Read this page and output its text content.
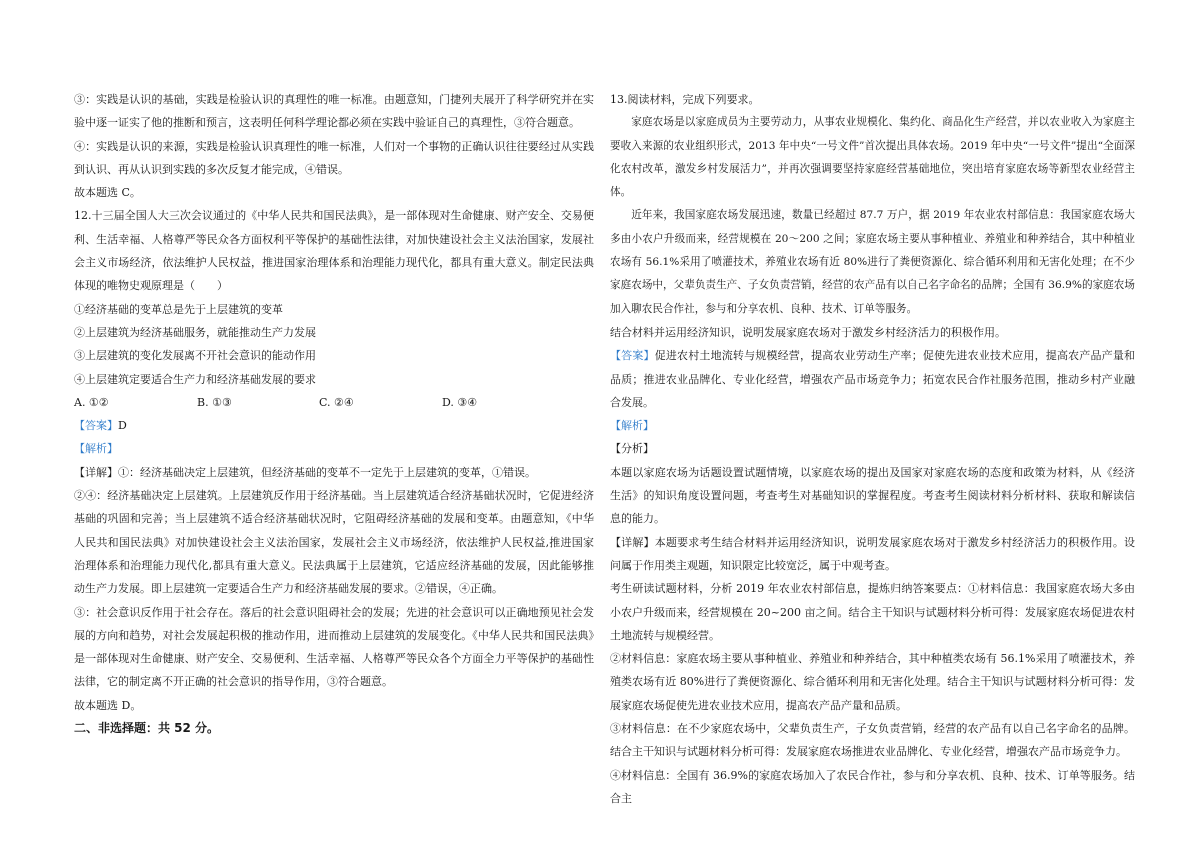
③：实践是认识的基础，实践是检验认识的真理性的唯一标准。由题意知，门捷列夫展开了科学研究并在实验中逐一证实了他的推断和预言，这表明任何科学理论都必须在实践中验证自己的真理性，③符合题意。

④：实践是认识的来源，实践是检验认识真理性的唯一标准，人们对一个事物的正确认识往往要经过从实践到认识、再从认识到实践的多次反复才能完成，④错误。

故本题选 C。

12.十三届全国人大三次会议通过的《中华人民共和国民法典》，是一部体现对生命健康、财产安全、交易便利、生活幸福、人格尊严等民众各方面权利平等保护的基础性法律，对加快建设社会主义法治国家，发展社会主义市场经济，依法维护人民权益，推进国家治理体系和治理能力现代化，都具有重大意义。制定民法典体现的唯物史观原理是（　　）

①经济基础的变革总是先于上层建筑的变革

②上层建筑为经济基础服务，就能推动生产力发展

③上层建筑的变化发展离不开社会意识的能动作用

④上层建筑定要适合生产力和经济基础发展的要求

A. ①②	B. ①③	C. ②④	D. ③④

【答案】D

【解析】

【详解】①：经济基础决定上层建筑，但经济基础的变革不一定先于上层建筑的变革，①错误。

②④：经济基础决定上层建筑。上层建筑反作用于经济基础。当上层建筑适合经济基础状况时，它促进经济基础的巩固和完善；当上层建筑不适合经济基础状况时，它阻碍经济基础的发展和变革。由题意知，《中华人民共和国民法典》对加快建设社会主义法治国家，发展社会主义市场经济，依法维护人民权益,推进国家治理体系和治理能力现代化,都具有重大意义。民法典属于上层建筑，它适应经济基础的发展，因此能够推动生产力发展。即上层建筑一定要适合生产力和经济基础发展的要求。②错误，④正确。

③：社会意识反作用于社会存在。落后的社会意识阻碍社会的发展；先进的社会意识可以正确地预见社会发展的方向和趋势，对社会发展起积极的推动作用，进而推动上层建筑的发展变化。《中华人民共和国民法典》是一部体现对生命健康、财产安全、交易便利、生活幸福、人格尊严等民众各个方面全力平等保护的基础性法律，它的制定离不开正确的社会意识的指导作用，③符合题意。

故本题选 D。

二、非选择题：共 52 分。

13.阅读材料，完成下列要求。

家庭农场是以家庭成员为主要劳动力，从事农业规模化、集约化、商品化生产经营，并以农业收入为家庭主要收入来源的农业组织形式，2013 年中央“一号文件”首次提出具体农场。2019 年中央“一号文件”提出“全面深化农村改革，激发乡村发展活力”，并再次强调要坚持家庭经营基础地位，突出培育家庭农场等新型农业经营主体。

近年来，我国家庭农场发展迅速，数量已经超过 87.7 万户，据 2019 年农业农村部信息：我国家庭农场大多由小农户升级而来，经营规模在 20～200 之间；家庭农场主要从事种植业、养殖业和种养结合，其中种植业农场有 56.1%采用了喷灌技术，养殖业农场有近 80%进行了粪便资源化、综合循环利用和无害化处理；在不少家庭农场中，父辈负责生产、子女负责营销，经营的农产品有以自己名字命名的品牌；全国有 36.9%的家庭农场加入聊农民合作社，参与和分享农机、良种、技术、订单等服务。

结合材料并运用经济知识，说明发展家庭农场对于激发乡村经济活力的积极作用。

【答案】促进农村土地流转与规模经营，提高农业劳动生产率；促使先进农业技术应用，提高农产品产量和品质；推进农业品牌化、专业化经营，增强农产品市场竞争力；拓宽农民合作社服务范围，推动乡村产业融合发展。

【解析】

【分析】

本题以家庭农场为话题设置试题情境，以家庭农场的提出及国家对家庭农场的态度和政策为材料，从《经济生活》的知识角度设置问题，考查考生对基础知识的掌握程度。考查考生阅读材料分析材料、获取和解读信息的能力。

【详解】本题要求考生结合材料并运用经济知识，说明发展家庭农场对于激发乡村经济活力的积极作用。设问属于作用类主观题，知识限定比较宽泛，属于中观考查。

考生研读试题材料，分析 2019 年农业农村部信息，提炼归纳答案要点：①材料信息：我国家庭农场大多由小农户升级而来，经营规模在 20~200 亩之间。结合主干知识与试题材料分析可得：发展家庭农场促进农村土地流转与规模经营。

②材料信息：家庭农场主要从事种植业、养殖业和种养结合，其中种植类农场有 56.1%采用了喷灌技术，养殖类农场有近 80%进行了粪便资源化、综合循环利用和无害化处理。结合主干知识与试题材料分析可得：发展家庭农场促使先进农业技术应用，提高农产品产量和品质。

③材料信息：在不少家庭农场中，父辈负责生产，子女负责营销，经营的农产品有以自己名字命名的品牌。结合主干知识与试题材料分析可得：发展家庭农场推进农业品牌化、专业化经营，增强农产品市场竞争力。

④材料信息：全国有 36.9%的家庭农场加入了农民合作社，参与和分享农机、良种、技术、订单等服务。结合主
